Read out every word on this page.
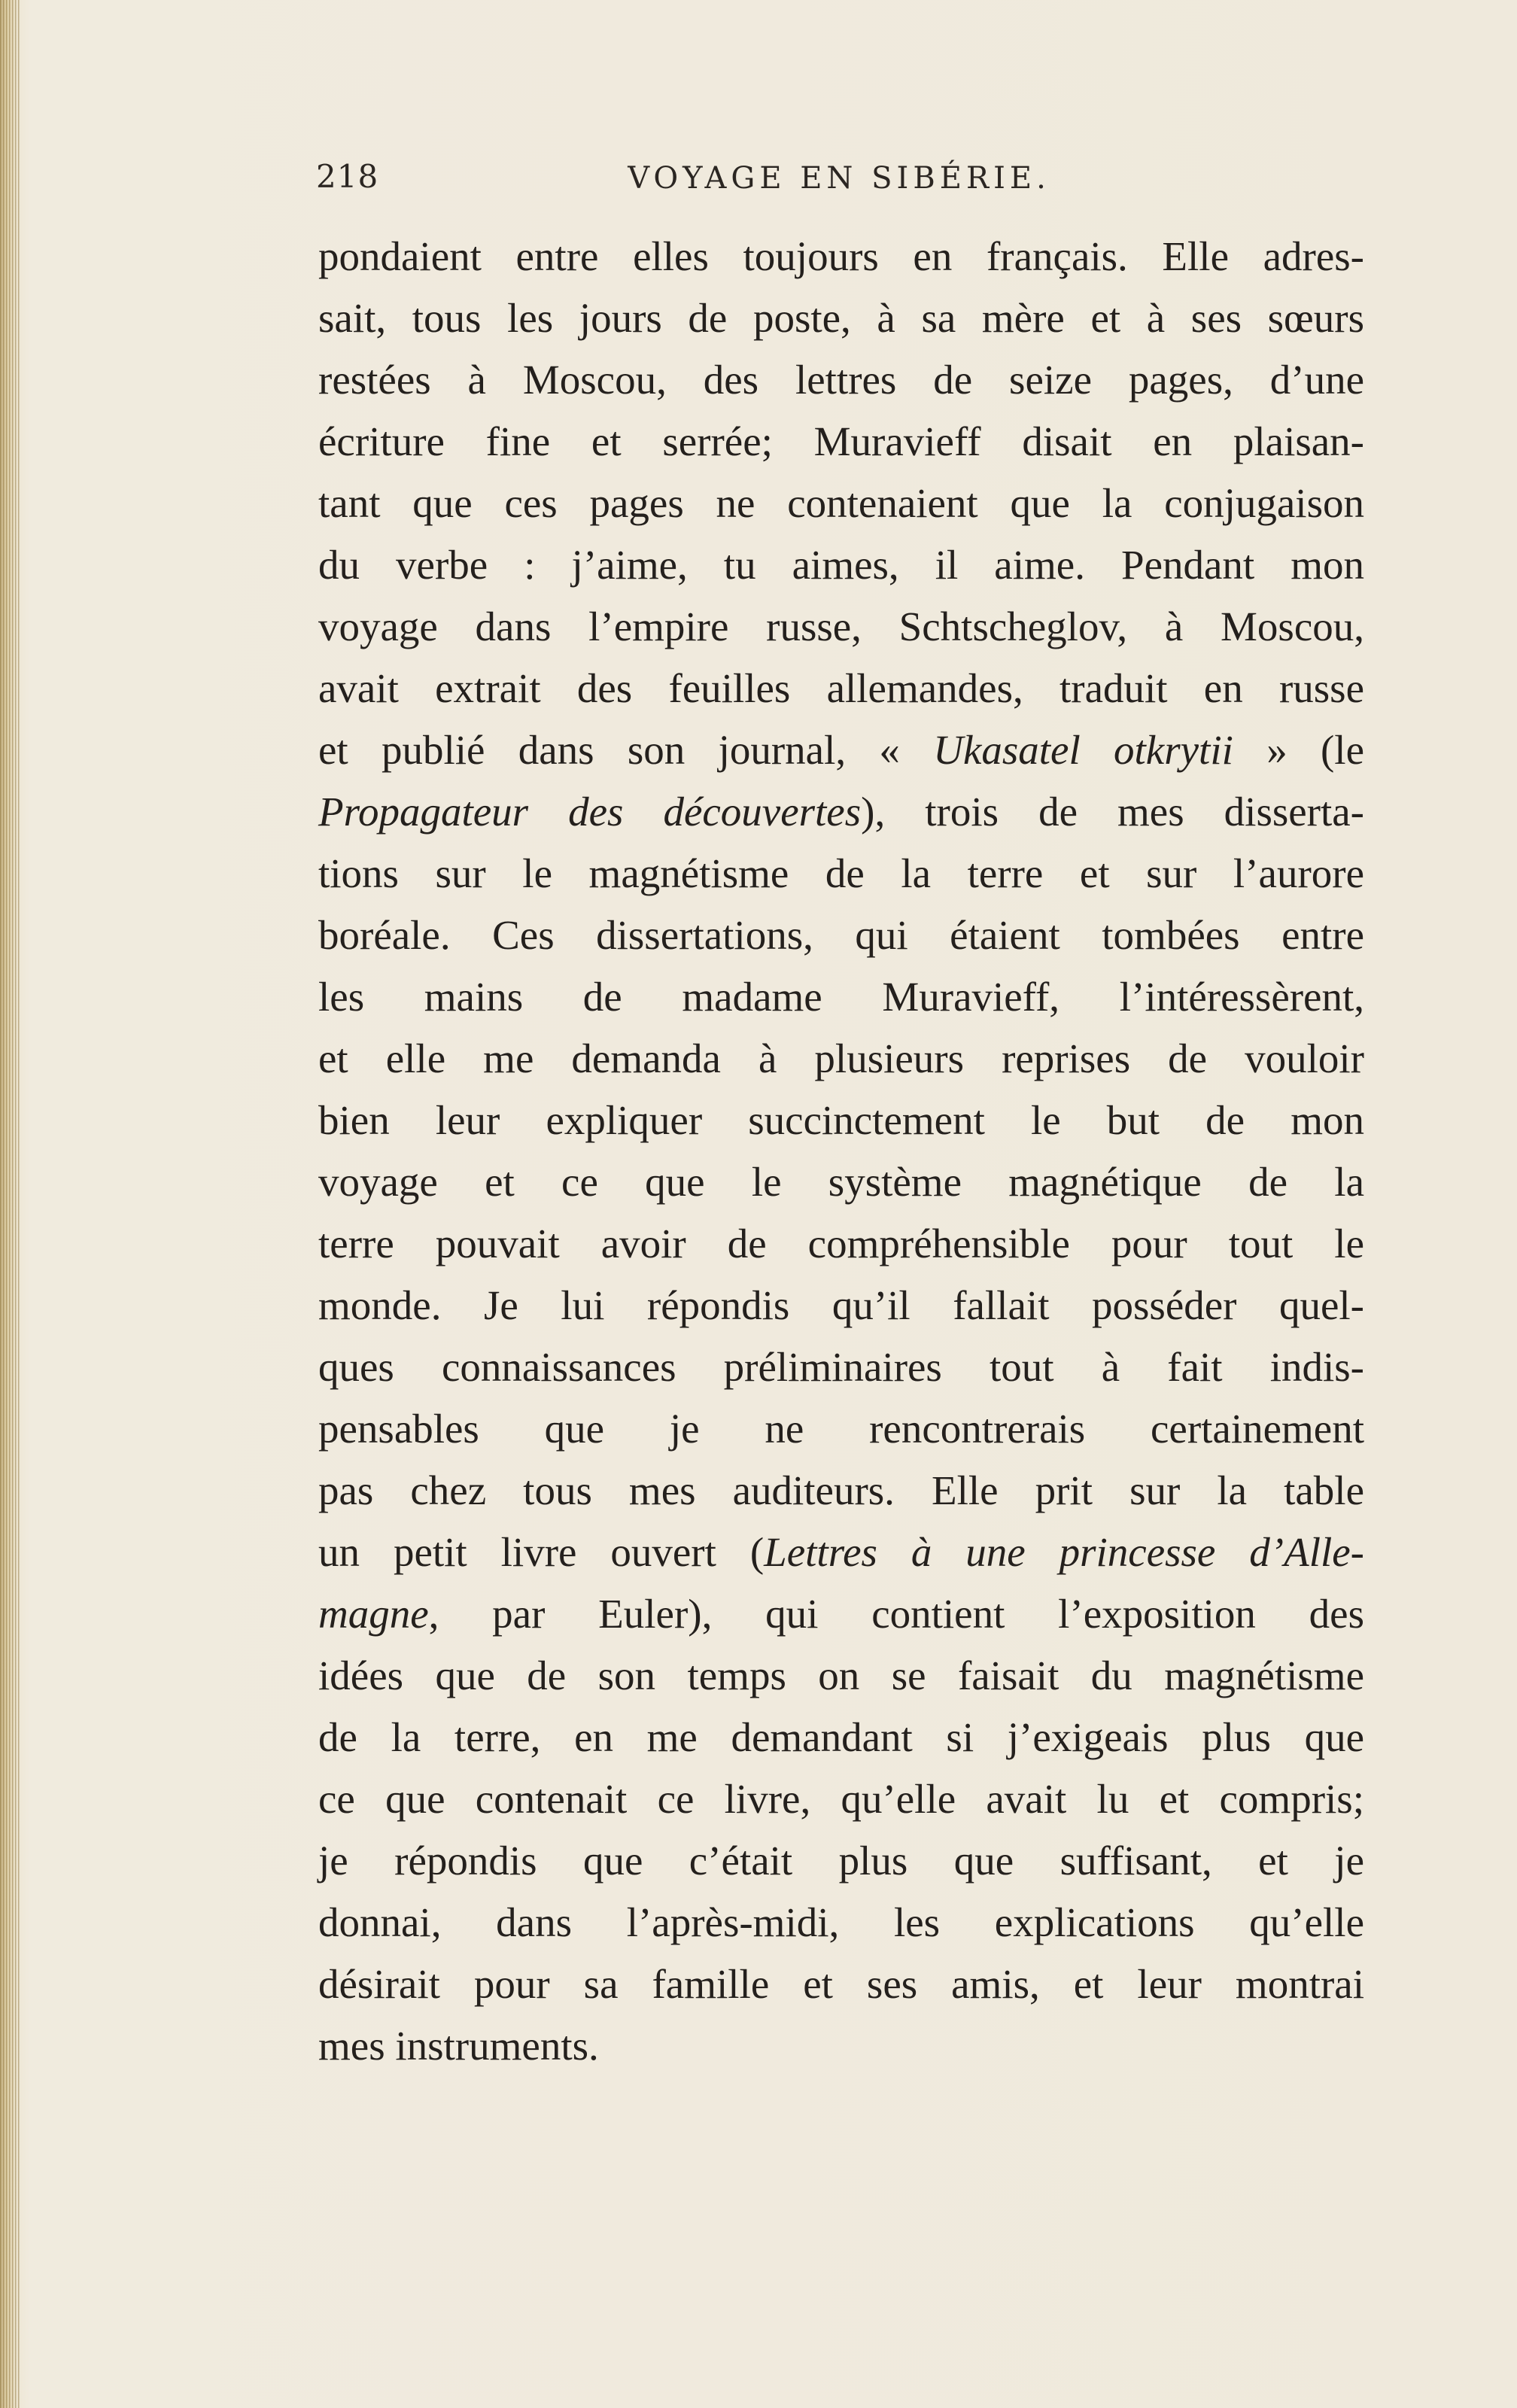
218	VOYAGE EN SIBÉRIE.
pondaient entre elles toujours en français. Elle adres-
sait, tous les jours de poste, à sa mère et à ses sœurs
restées à Moscou, des lettres de seize pages, d’une
écriture fine et serrée; Muravieff disait en plaisan-
tant que ces pages ne contenaient que la conjugaison
du verbe : j’aime, tu aimes, il aime. Pendant mon
voyage dans l’empire russe, Schtscheglov, à Moscou,
avait extrait des feuilles allemandes, traduit en russe
et publié dans son journal, « Ukasatel otkrytii » (le
Propagateur des découvertes), trois de mes disserta-
tions sur le magnétisme de la terre et sur l’aurore
boréale. Ces dissertations, qui étaient tombées entre
les mains de madame Muravieff, l’intéressèrent,
et elle me demanda à plusieurs reprises de vouloir
bien leur expliquer succinctement le but de mon
voyage et ce que le système magnétique de la
terre pouvait avoir de compréhensible pour tout le
monde. Je lui répondis qu’il fallait posséder quel-
ques connaissances préliminaires tout à fait indis-
pensables que je ne rencontrerais certainement
pas chez tous mes auditeurs. Elle prit sur la table
un petit livre ouvert (Lettres à une princesse d’Alle-
magne, par Euler), qui contient l’exposition des
idées que de son temps on se faisait du magnétisme
de la terre, en me demandant si j’exigeais plus que
ce que contenait ce livre, qu’elle avait lu et compris;
je répondis que c’était plus que suffisant, et je
donnai, dans l’après-midi, les explications qu’elle
désirait pour sa famille et ses amis, et leur montrai
mes instruments.
